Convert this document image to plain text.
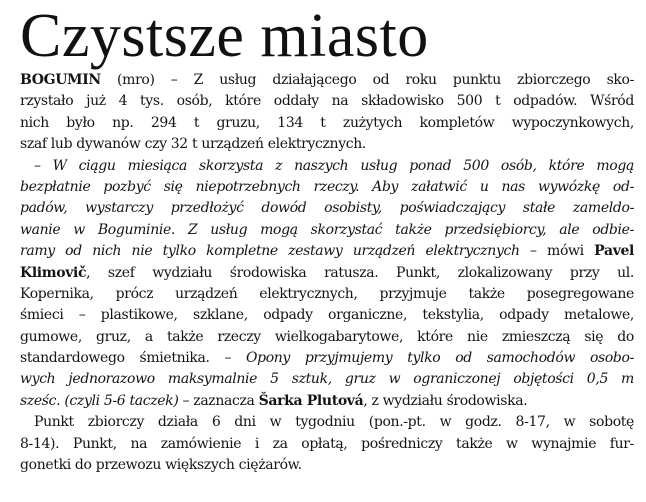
Czystsze miasto
BOGUMIN (mro) – Z usług działającego od roku punktu zbiorczego sko-
rzystało już 4 tys. osób, które oddały na składowisko 500 t odpadów. Wśród
nich było np. 294 t gruzu, 134 t zużytych kompletów wypoczynkowych,
szaf lub dywanów czy 32 t urządzeń elektrycznych.
– W ciągu miesiąca skorzysta z naszych usług ponad 500 osób, które mogą
bezpłatnie pozbyć się niepotrzebnych rzeczy. Aby załatwić u nas wywózkę od-
padów, wystarczy przedłożyć dowód osobisty, poświadczający stałe zameldo-
wanie w Boguminie. Z usług mogą skorzystać także przedsiębiorcy, ale odbie-
ramy od nich nie tylko kompletne zestawy urządzeń elektrycznych – mówi Pavel
Klimovič, szef wydziału środowiska ratusza. Punkt, zlokalizowany przy ul.
Kopernika, prócz urządzeń elektrycznych, przyjmuje także posegregowane
śmieci – plastikowe, szklane, odpady organiczne, tekstylia, odpady metalowe,
gumowe, gruz, a także rzeczy wielkogabarytowe, które nie zmieszczą się do
standardowego śmietnika. – Opony przyjmujemy tylko od samochodów osobo-
wych jednorazowo maksymalnie 5 sztuk, gruz w ograniczonej objętości 0,5 m
sześc. (czyli 5-6 taczek) – zaznacza Šarka Plutová, z wydziału środowiska.
Punkt zbiorczy działa 6 dni w tygodniu (pon.-pt. w godz. 8-17, w sobotę
8-14). Punkt, na zamówienie i za opłatą, pośredniczy także w wynajmie fur-
gonetki do przewozu większych ciężarów.
